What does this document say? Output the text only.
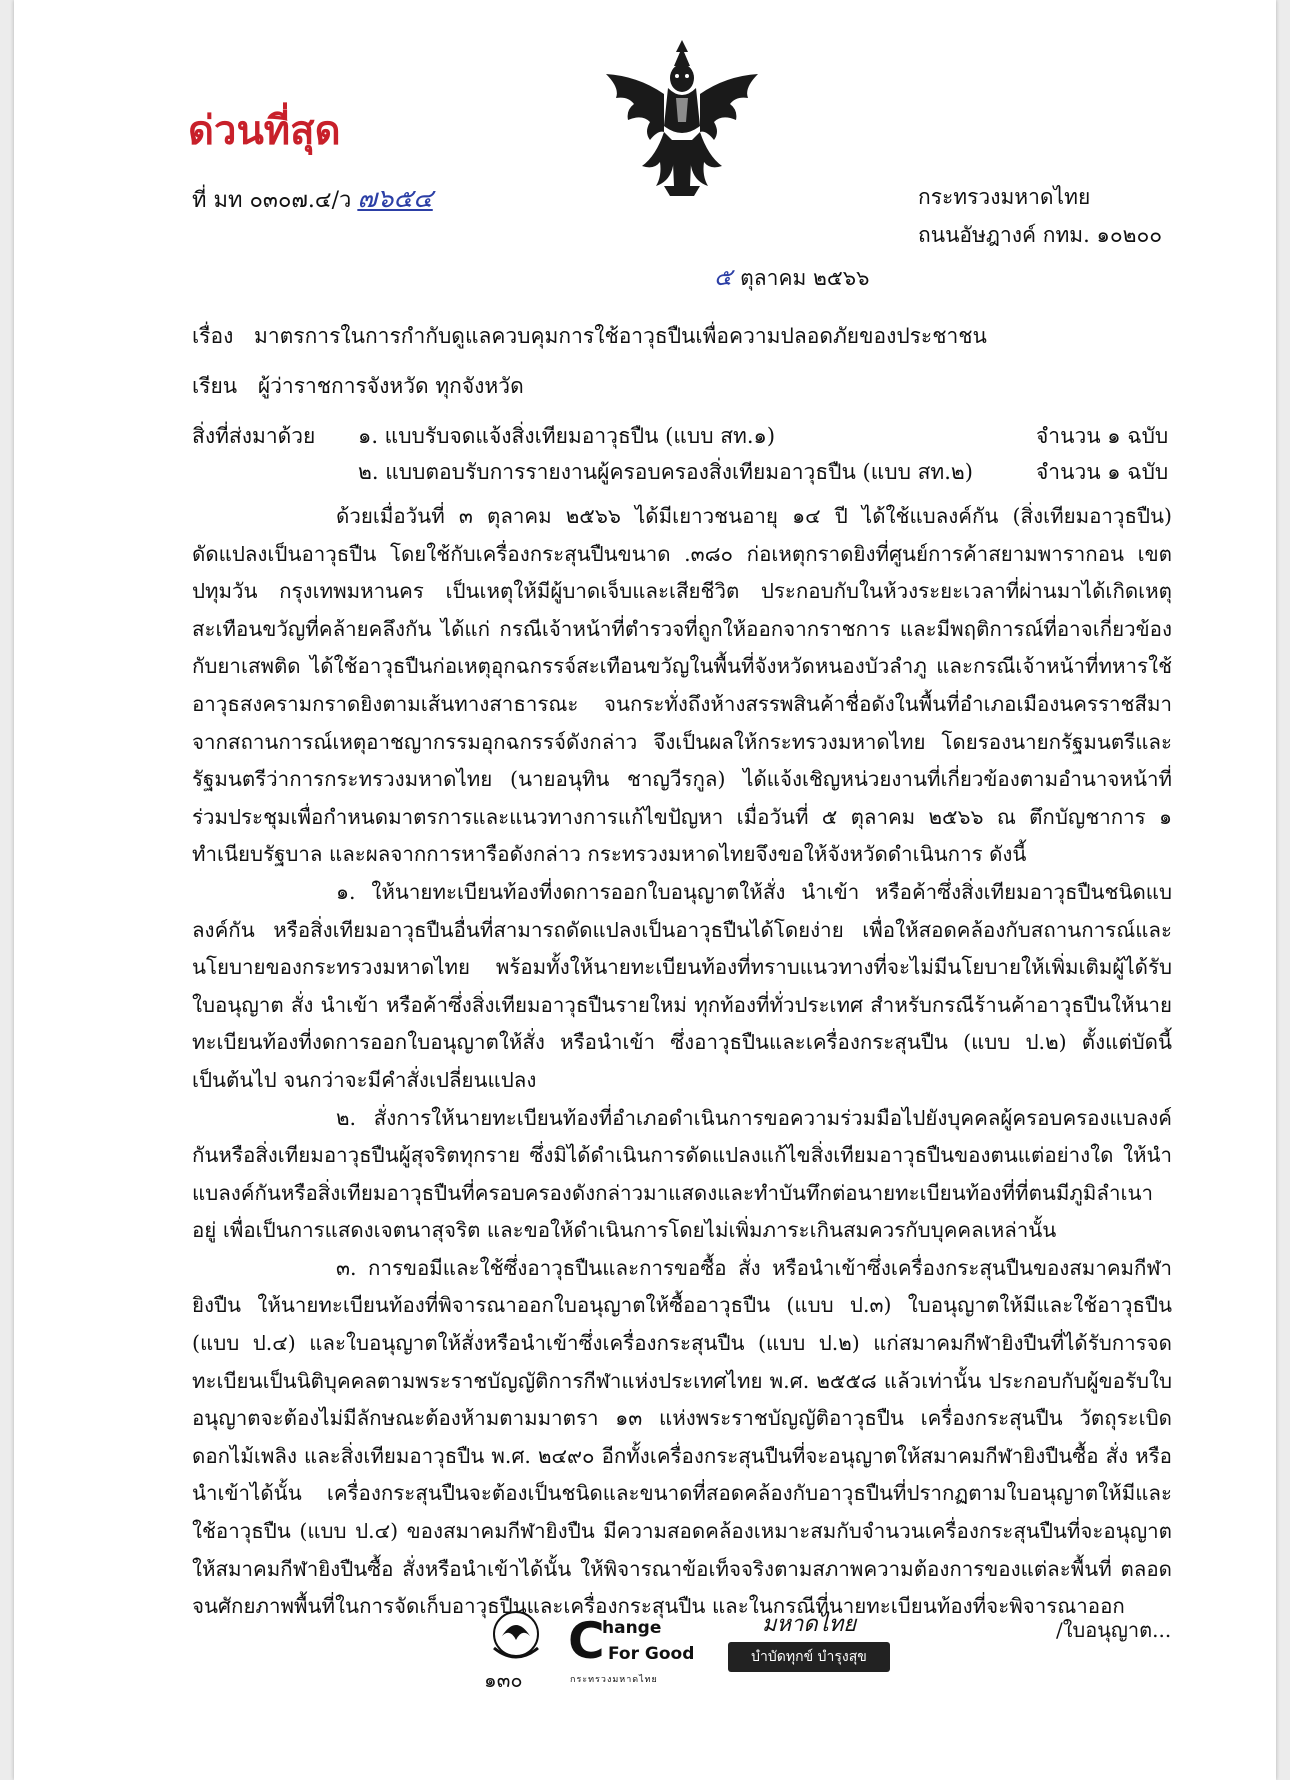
ด่วนที่สุด
ที่ มท ๐๓๐๗.๔/ว ๗๖๕๔	กระทรวงมหาดไทย
ถนนอัษฎางค์ กทม. ๑๐๒๐๐
๕ ตุลาคม ๒๕๖๖
เรื่อง มาตรการในการกำกับดูแลควบคุมการใช้อาวุธปืนเพื่อความปลอดภัยของประชาชน
เรียน ผู้ว่าราชการจังหวัด ทุกจังหวัด
สิ่งที่ส่งมาด้วย ๑. แบบรับจดแจ้งสิ่งเทียมอาวุธปืน (แบบ สท.๑)	จำนวน ๑ ฉบับ
๒. แบบตอบรับการรายงานผู้ครอบครองสิ่งเทียมอาวุธปืน (แบบ สท.๒)	จำนวน ๑ ฉบับ

ด้วยเมื่อวันที่ ๓ ตุลาคม ๒๕๖๖ ได้มีเยาวชนอายุ ๑๔ ปี ได้ใช้แบลงค์กัน (สิ่งเทียมอาวุธปืน) ดัดแปลงเป็นอาวุธปืน โดยใช้กับเครื่องกระสุนปืนขนาด .๓๘๐ ก่อเหตุกราดยิงที่ศูนย์การค้าสยามพารากอน เขตปทุมวัน กรุงเทพมหานคร เป็นเหตุให้มีผู้บาดเจ็บและเสียชีวิต ประกอบกับในห้วงระยะเวลาที่ผ่านมาได้เกิดเหตุสะเทือนขวัญที่คล้ายคลึงกัน ได้แก่ กรณีเจ้าหน้าที่ตำรวจที่ถูกให้ออกจากราชการ และมีพฤติการณ์ที่อาจเกี่ยวข้องกับยาเสพติด ได้ใช้อาวุธปืนก่อเหตุอุกฉกรรจ์สะเทือนขวัญในพื้นที่จังหวัดหนองบัวลำภู และกรณีเจ้าหน้าที่ทหารใช้อาวุธสงครามกราดยิงตามเส้นทางสาธารณะ จนกระทั่งถึงห้างสรรพสินค้าชื่อดังในพื้นที่อำเภอเมืองนครราชสีมา จากสถานการณ์เหตุอาชญากรรมอุกฉกรรจ์ดังกล่าว จึงเป็นผลให้กระทรวงมหาดไทย โดยรองนายกรัฐมนตรีและรัฐมนตรีว่าการกระทรวงมหาดไทย (นายอนุทิน ชาญวีรกูล) ได้แจ้งเชิญหน่วยงานที่เกี่ยวข้องตามอำนาจหน้าที่ร่วมประชุมเพื่อกำหนดมาตรการและแนวทางการแก้ไขปัญหา เมื่อวันที่ ๕ ตุลาคม ๒๕๖๖ ณ ตึกบัญชาการ ๑ ทำเนียบรัฐบาล และผลจากการหารือดังกล่าว กระทรวงมหาดไทยจึงขอให้จังหวัดดำเนินการ ดังนี้

๑. ให้นายทะเบียนท้องที่งดการออกใบอนุญาตให้สั่ง นำเข้า หรือค้าซึ่งสิ่งเทียมอาวุธปืนชนิดแบลงค์กัน หรือสิ่งเทียมอาวุธปืนอื่นที่สามารถดัดแปลงเป็นอาวุธปืนได้โดยง่าย เพื่อให้สอดคล้องกับสถานการณ์และนโยบายของกระทรวงมหาดไทย พร้อมทั้งให้นายทะเบียนท้องที่ทราบแนวทางที่จะไม่มีนโยบายให้เพิ่มเติมผู้ได้รับใบอนุญาต สั่ง นำเข้า หรือค้าซึ่งสิ่งเทียมอาวุธปืนรายใหม่ ทุกท้องที่ทั่วประเทศ สำหรับกรณีร้านค้าอาวุธปืนให้นายทะเบียนท้องที่งดการออกใบอนุญาตให้สั่ง หรือนำเข้า ซึ่งอาวุธปืนและเครื่องกระสุนปืน (แบบ ป.๒) ตั้งแต่บัดนี้เป็นต้นไป จนกว่าจะมีคำสั่งเปลี่ยนแปลง

๒. สั่งการให้นายทะเบียนท้องที่อำเภอดำเนินการขอความร่วมมือไปยังบุคคลผู้ครอบครองแบลงค์กันหรือสิ่งเทียมอาวุธปืนผู้สุจริตทุกราย ซึ่งมิได้ดำเนินการดัดแปลงแก้ไขสิ่งเทียมอาวุธปืนของตนแต่อย่างใด ให้นำแบลงค์กันหรือสิ่งเทียมอาวุธปืนที่ครอบครองดังกล่าวมาแสดงและทำบันทึกต่อนายทะเบียนท้องที่ที่ตนมีภูมิลำเนาอยู่ เพื่อเป็นการแสดงเจตนาสุจริต และขอให้ดำเนินการโดยไม่เพิ่มภาระเกินสมควรกับบุคคลเหล่านั้น

๓. การขอมีและใช้ซึ่งอาวุธปืนและการขอซื้อ สั่ง หรือนำเข้าซึ่งเครื่องกระสุนปืนของสมาคมกีฬายิงปืน ให้นายทะเบียนท้องที่พิจารณาออกใบอนุญาตให้ซื้ออาวุธปืน (แบบ ป.๓) ใบอนุญาตให้มีและใช้อาวุธปืน (แบบ ป.๔) และใบอนุญาตให้สั่งหรือนำเข้าซึ่งเครื่องกระสุนปืน (แบบ ป.๒) แก่สมาคมกีฬายิงปืนที่ได้รับการจดทะเบียนเป็นนิติบุคคลตามพระราชบัญญัติการกีฬาแห่งประเทศไทย พ.ศ. ๒๕๕๘ แล้วเท่านั้น ประกอบกับผู้ขอรับใบอนุญาตจะต้องไม่มีลักษณะต้องห้ามตามมาตรา ๑๓ แห่งพระราชบัญญัติอาวุธปืน เครื่องกระสุนปืน วัตถุระเบิด ดอกไม้เพลิง และสิ่งเทียมอาวุธปืน พ.ศ. ๒๔๙๐ อีกทั้งเครื่องกระสุนปืนที่จะอนุญาตให้สมาคมกีฬายิงปืนซื้อ สั่ง หรือนำเข้าได้นั้น เครื่องกระสุนปืนจะต้องเป็นชนิดและขนาดที่สอดคล้องกับอาวุธปืนที่ปรากฏตามใบอนุญาตให้มีและใช้อาวุธปืน (แบบ ป.๔) ของสมาคมกีฬายิงปืน มีความสอดคล้องเหมาะสมกับจำนวนเครื่องกระสุนปืนที่จะอนุญาตให้สมาคมกีฬายิงปืนซื้อ สั่งหรือนำเข้าได้นั้น ให้พิจารณาข้อเท็จจริงตามสภาพความต้องการของแต่ละพื้นที่ ตลอดจนศักยภาพพื้นที่ในการจัดเก็บอาวุธปืนและเครื่องกระสุนปืน และในกรณีที่นายทะเบียนท้องที่จะพิจารณาออก

๑๓๐
C
hange
For Good
กระทรวงมหาดไทย
มหาดไทย
บำบัดทุกข์ บำรุงสุข
/ใบอนุญาต...
